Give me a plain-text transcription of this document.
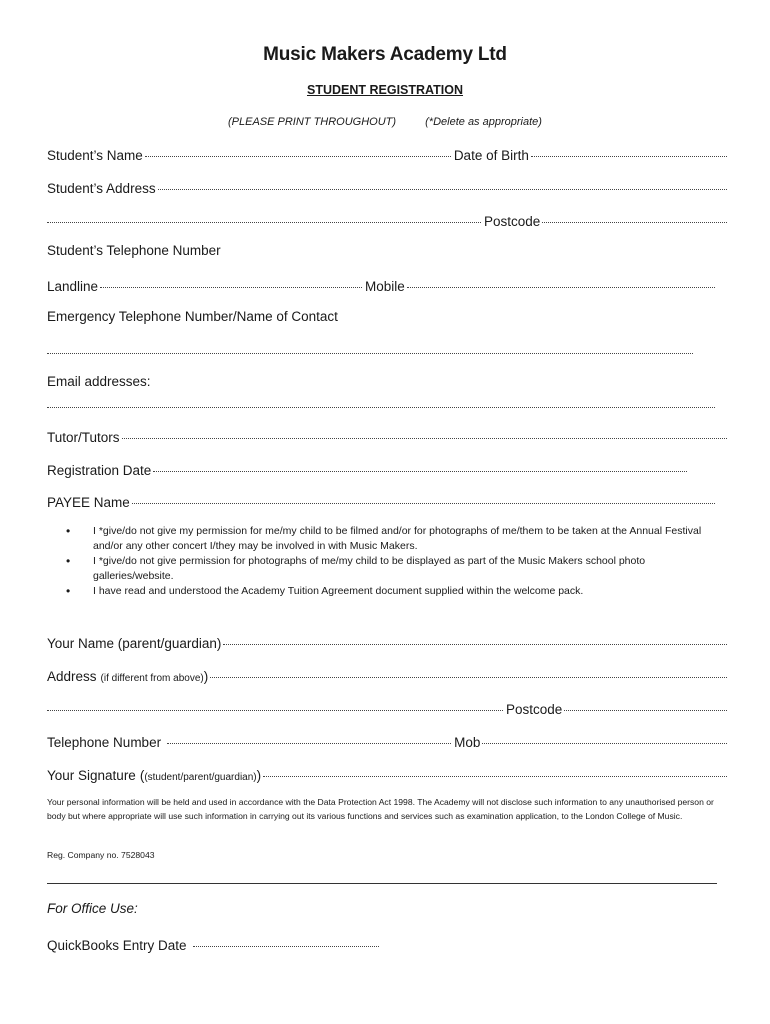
Music Makers Academy Ltd
STUDENT REGISTRATION
(PLEASE PRINT THROUGHOUT)	(*Delete as appropriate)
Student’s Name	Date of Birth
Student’s Address
Postcode
Student’s Telephone Number
Landline	Mobile
Emergency Telephone Number/Name of Contact
Email addresses:
Tutor/Tutors
Registration Date
PAYEE Name
• I *give/do not give my permission for me/my child to be filmed and/or for photographs of me/them to be taken at the Annual Festival and/or any other concert I/they may be involved in with Music Makers.
• I *give/do not give permission for photographs of me/my child to be displayed as part of the Music Makers school photo galleries/website.
• I have read and understood the Academy Tuition Agreement document supplied within the welcome pack.
Your Name (parent/guardian)
Address (if different from above) )
Postcode
Telephone Number	Mob
Your Signature ( (student/parent/guardian) )
Your personal information will be held and used in accordance with the Data Protection Act 1998. The Academy will not disclose such information to any unauthorised person or body but where appropriate will use such information in carrying out its various functions and services such as examination application, to the London College of Music.
Reg. Company no. 7528043
For Office Use:
QuickBooks Entry Date
